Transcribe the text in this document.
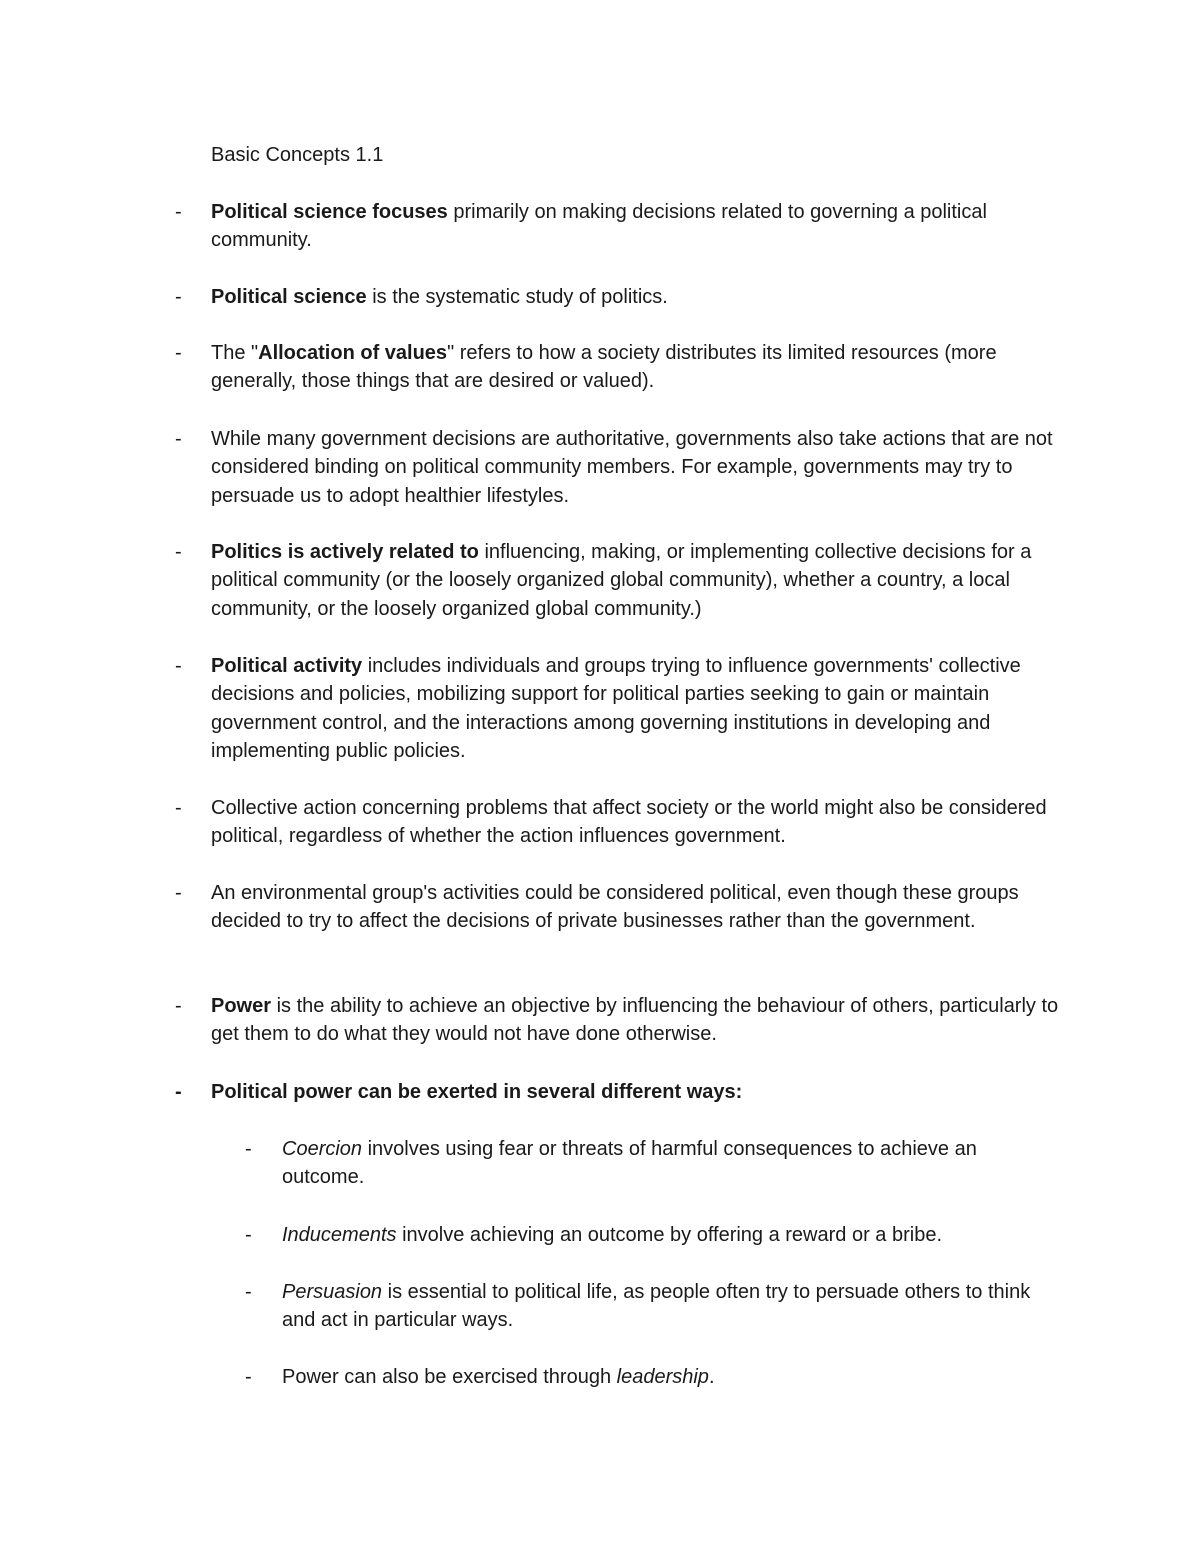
Basic Concepts 1.1
- Political science focuses primarily on making decisions related to governing a political community.
- Political science is the systematic study of politics.
- The "Allocation of values" refers to how a society distributes its limited resources (more generally, those things that are desired or valued).
- While many government decisions are authoritative, governments also take actions that are not considered binding on political community members. For example, governments may try to persuade us to adopt healthier lifestyles.
- Politics is actively related to influencing, making, or implementing collective decisions for a political community (or the loosely organized global community), whether a country, a local community, or the loosely organized global community.)
- Political activity includes individuals and groups trying to influence governments' collective decisions and policies, mobilizing support for political parties seeking to gain or maintain government control, and the interactions among governing institutions in developing and implementing public policies.
- Collective action concerning problems that affect society or the world might also be considered political, regardless of whether the action influences government.
- An environmental group's activities could be considered political, even though these groups decided to try to affect the decisions of private businesses rather than the government.
- Power is the ability to achieve an objective by influencing the behaviour of others, particularly to get them to do what they would not have done otherwise.
- Political power can be exerted in several different ways:
- Coercion involves using fear or threats of harmful consequences to achieve an outcome.
- Inducements involve achieving an outcome by offering a reward or a bribe.
- Persuasion is essential to political life, as people often try to persuade others to think and act in particular ways.
- Power can also be exercised through leadership.
